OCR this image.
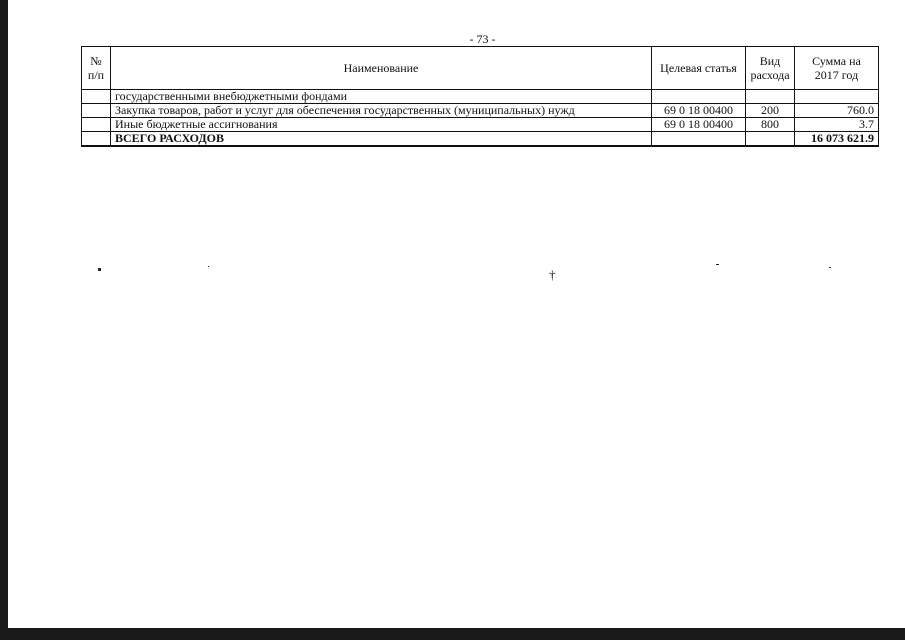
- 73 -
№ п/п	Наименование	Целевая статья	Вид расхода	Сумма на 2017 год
	государственными внебюджетными фондами			
	Закупка товаров, работ и услуг для обеспечения государственных (муниципальных) нужд	69 0 18 00400	200	760.0
	Иные бюджетные ассигнования	69 0 18 00400	800	3.7
	ВСЕГО РАСХОДОВ			16 073 621.9
†
